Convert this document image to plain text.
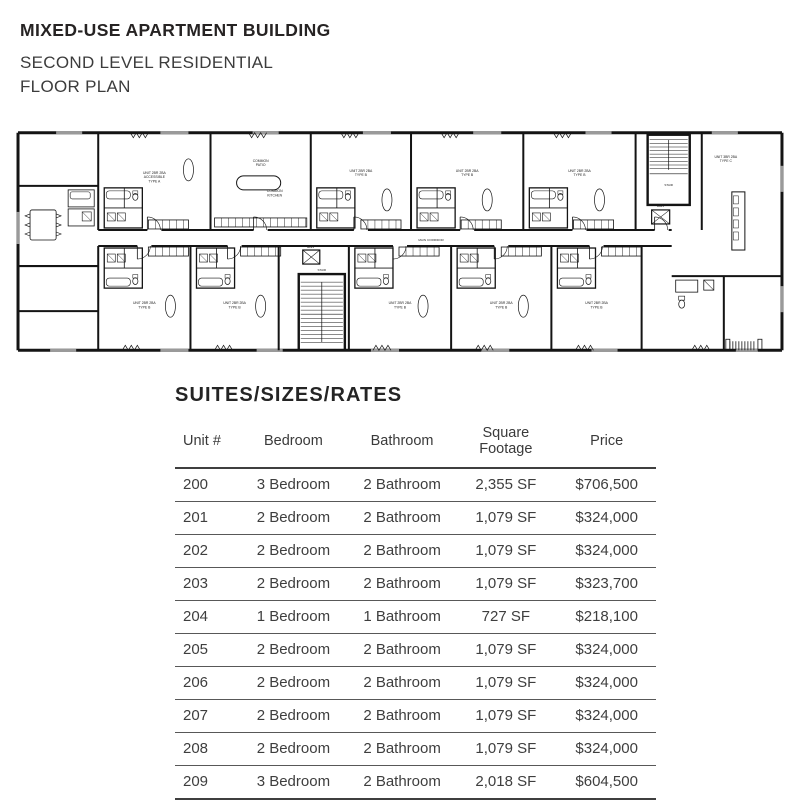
MIXED-USE APARTMENT BUILDING

SECOND LEVEL RESIDENTIAL
FLOOR PLAN

MAIN CORRIDOR
COMMON PATIO
COMMON KITCHEN
UNIT 2BR 2BA ACCESSIBLE TYPE A
UNIT 2BR 2BA TYPE B
UNIT 2BR 2BA TYPE B
UNIT 2BR 2BA TYPE B
UNIT 2BR 2BA TYPE B
UNIT 2BR 2BA TYPE B
UNIT 2BR 2BA TYPE B
UNIT 2BR 2BA TYPE B
UNIT 2BR 2BA TYPE B
STAIR
ELEV
STAIR
ELEV
UNIT 3BR 2BA TYPE C
SUITES/SIZES/RATES
Unit #	Bedroom	Bathroom	Square Footage	Price
200	3 Bedroom	2 Bathroom	2,355 SF	$706,500
201	2 Bedroom	2 Bathroom	1,079 SF	$324,000
202	2 Bedroom	2 Bathroom	1,079 SF	$324,000
203	2 Bedroom	2 Bathroom	1,079 SF	$323,700
204	1 Bedroom	1 Bathroom	727 SF	$218,100
205	2 Bedroom	2 Bathroom	1,079 SF	$324,000
206	2 Bedroom	2 Bathroom	1,079 SF	$324,000
207	2 Bedroom	2 Bathroom	1,079 SF	$324,000
208	2 Bedroom	2 Bathroom	1,079 SF	$324,000
209	3 Bedroom	2 Bathroom	2,018 SF	$604,500
